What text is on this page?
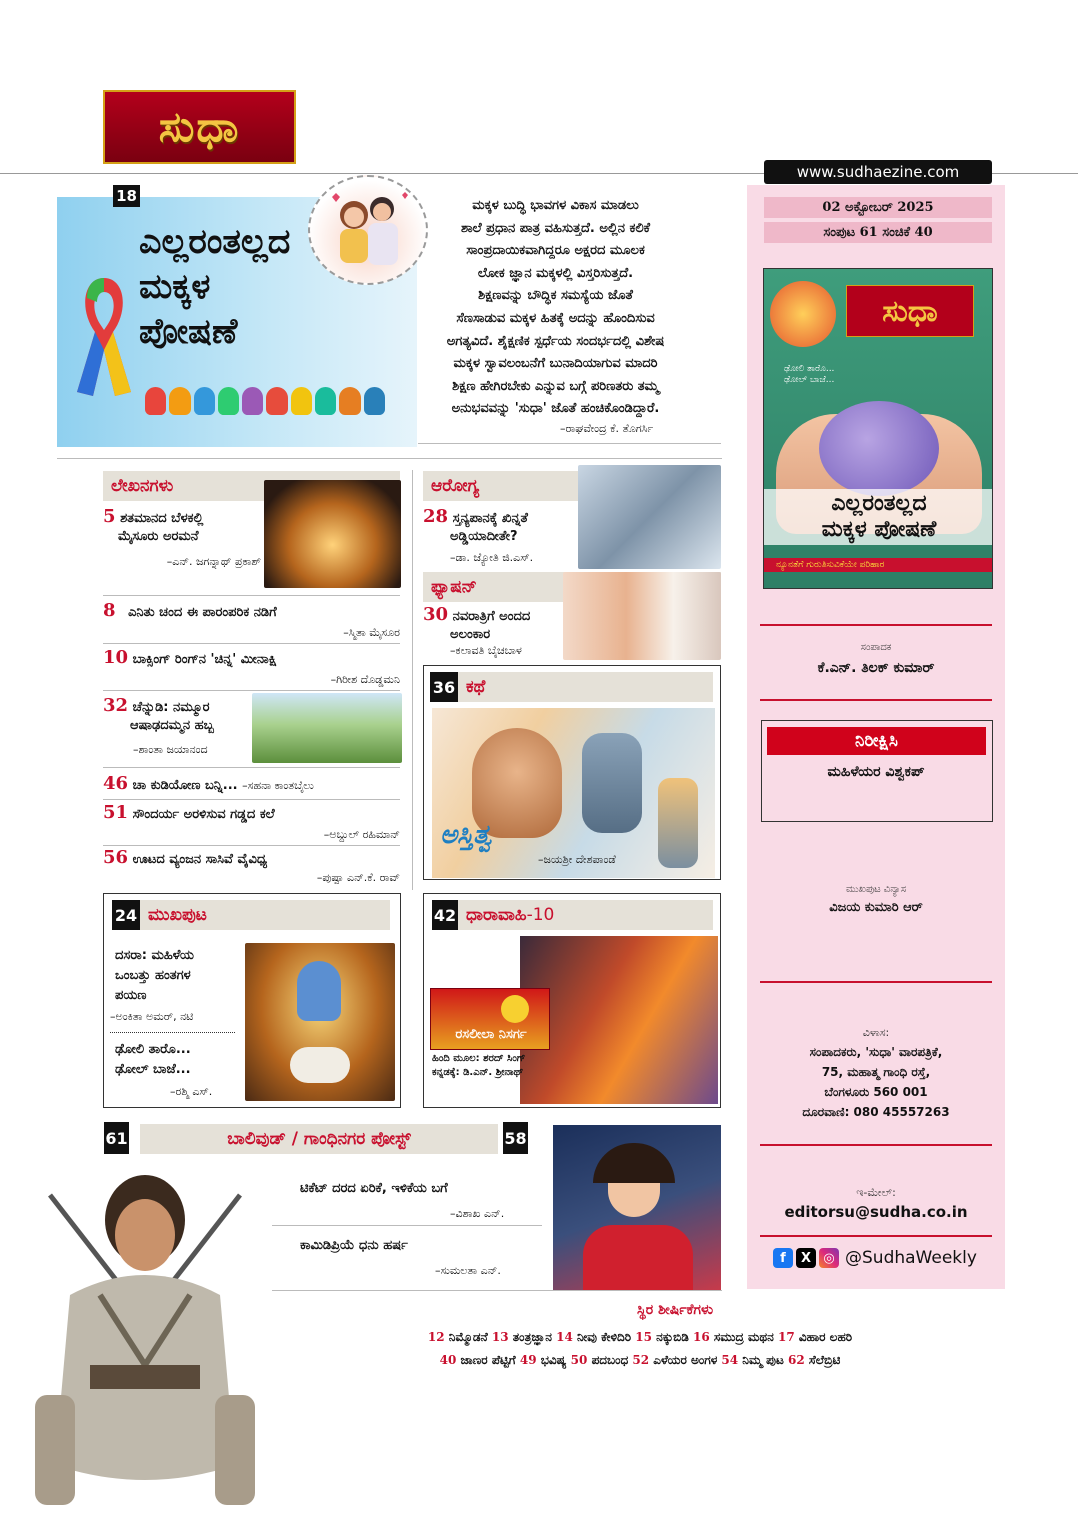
ಸುಧಾ
www.sudhaezine.com
02 ಅಕ್ಟೋಬರ್ 2025
ಸಂಪುಟ 61 ಸಂಚಿಕೆ 40
ಸುಧಾ
ಢೋಲಿ ತಾರೊ...
ಢೋಲ್ ಬಾಜೆ...
ಎಲ್ಲರಂತಲ್ಲದ
ಮಕ್ಕಳ ಪೋಷಣೆ
ನ್ಯೂನತೆಗೆ ಗುರುತಿಸುವಿಕೆಯೇ ಪರಿಹಾರ
ಸಂಪಾದಕ
ಕೆ.ಎನ್. ತಿಲಕ್ ಕುಮಾರ್
ನಿರೀಕ್ಷಿಸಿ
ಮಹಿಳೆಯರ ವಿಶ್ವಕಪ್
ಮುಖಪುಟ ವಿನ್ಯಾಸ
ವಿಜಯ ಕುಮಾರಿ ಆರ್
ವಿಳಾಸ:
ಸಂಪಾದಕರು, 'ಸುಧಾ' ವಾರಪತ್ರಿಕೆ,
75, ಮಹಾತ್ಮ ಗಾಂಧಿ ರಸ್ತೆ,
ಬೆಂಗಳೂರು 560 001
ದೂರವಾಣಿ: 080 45557263
ಇ-ಮೇಲ್:
editorsu@sudha.co.in
f	X ◎ @SudhaWeekly
18
ಎಲ್ಲರಂತಲ್ಲದ
ಮಕ್ಕಳ
ಪೋಷಣೆ
ಮಕ್ಕಳ ಬುದ್ಧಿ ಭಾವಗಳ ವಿಕಾಸ ಮಾಡಲು
ಶಾಲೆ ಪ್ರಧಾನ ಪಾತ್ರ ವಹಿಸುತ್ತದೆ. ಅಲ್ಲಿನ ಕಲಿಕೆ
ಸಾಂಪ್ರದಾಯಿಕವಾಗಿದ್ದರೂ ಅಕ್ಷರದ ಮೂಲಕ
ಲೋಕ ಜ್ಞಾನ ಮಕ್ಕಳಲ್ಲಿ ವಿಸ್ತರಿಸುತ್ತದೆ.
ಶಿಕ್ಷಣವನ್ನು ಬೌದ್ಧಿಕ ಸಮಸ್ಯೆಯ ಜೊತೆ
ಸೆಣಸಾಡುವ ಮಕ್ಕಳ ಹಿತಕ್ಕೆ ಅದನ್ನು ಹೊಂದಿಸುವ
ಅಗತ್ಯವಿದೆ. ಶೈಕ್ಷಣಿಕ ಸ್ಪರ್ಧೆಯ ಸಂದರ್ಭದಲ್ಲಿ ವಿಶೇಷ
ಮಕ್ಕಳ ಸ್ವಾವಲಂಬನೆಗೆ ಬುನಾದಿಯಾಗುವ ಮಾದರಿ
ಶಿಕ್ಷಣ ಹೇಗಿರಬೇಕು ಎನ್ನುವ ಬಗ್ಗೆ ಪರಿಣತರು ತಮ್ಮ
ಅನುಭವವನ್ನು 'ಸುಧಾ' ಜೊತೆ ಹಂಚಿಕೊಂಡಿದ್ದಾರೆ.
–ರಾಘವೇಂದ್ರ ಕೆ. ತೊಗರ್ಸಿ
ಲೇಖನಗಳು
5 ಶತಮಾನದ ಬೆಳಕಲ್ಲಿ
ಮೈಸೂರು ಅರಮನೆ
–ಎನ್. ಜಗನ್ನಾಥ್ ಪ್ರಕಾಶ್
8 ಎನಿತು ಚಂದ ಈ ಪಾರಂಪರಿಕ ನಡಿಗೆ
–ಸ್ಮಿತಾ ಮೈಸೂರ
10 ಬಾಕ್ಸಿಂಗ್ ರಿಂಗ್‌ನ 'ಚಿನ್ನ' ಮೀನಾಕ್ಷಿ
–ಗಿರೀಶ ದೊಡ್ಡಮನಿ
32 ಚೆನ್ನುಡಿ: ನಮ್ಮೂರ
ಆಷಾಢದಮ್ಮನ ಹಬ್ಬ
–ಶಾಂತಾ ಜಯಾನಂದ
46 ಚಾ ಕುಡಿಯೋಣ ಬನ್ನಿ... –ಸಹನಾ ಕಾಂತಬೈಲು
51 ಸೌಂದರ್ಯ ಅರಳಿಸುವ ಗಡ್ಡದ ಕಲೆ
–ಅಬ್ದುಲ್ ರಹಿಮಾನ್
56 ಊಟದ ವ್ಯಂಜನ ಸಾಸಿವೆ ವೈವಿಧ್ಯ
–ಪುಷ್ಪಾ ಎನ್.ಕೆ. ರಾವ್
ಆರೋಗ್ಯ
28 ಸ್ತನ್ಯಪಾನಕ್ಕೆ ಖಿನ್ನತೆ
ಅಡ್ಡಿಯಾದೀತೇ?
–ಡಾ. ಜ್ಯೋತಿ ಜಿ.ಎಸ್.
ಫ್ಯಾಷನ್
30 ನವರಾತ್ರಿಗೆ ಅಂದದ
ಅಲಂಕಾರ
–ಕಲಾವತಿ ಬೈಚಬಾಳ
36 ಕಥೆ
ಅಸ್ತಿತ್ವ
–ಜಯಶ್ರೀ ದೇಶಪಾಂಡೆ
24 ಮುಖಪುಟ
ದಸರಾ: ಮಹಿಳೆಯ
ಒಂಬತ್ತು ಹಂತಗಳ
ಪಯಣ
–ಅಂಕಿತಾ ಅಮರ್, ನಟಿ
ಢೋಲಿ ತಾರೊ...
ಢೋಲ್ ಬಾಜೆ...
–ರಶ್ಮಿ ಎಸ್.
42 ಧಾರಾವಾಹಿ -10
ರಸಲೀಲಾ ನಿಸರ್ಗ
ಹಿಂದಿ ಮೂಲ: ಶರದ್ ಸಿಂಗ್
ಕನ್ನಡಕ್ಕೆ: ಡಿ.ಎನ್. ಶ್ರೀನಾಥ್
61	ಬಾಲಿವುಡ್ / ಗಾಂಧಿನಗರ ಪೋಸ್ಟ್	58
ಟಿಕೆಟ್ ದರದ ಏರಿಕೆ, ಇಳಿಕೆಯ ಬಗೆ
–ವಿಶಾಖ ಎನ್.
ಕಾಮಿಡಿಪ್ರಿಯೆ ಧನು ಹರ್ಷ
–ಸುಮಲತಾ ಎನ್.
ಸ್ಥಿರ ಶೀರ್ಷಿಕೆಗಳು
12 ನಿಮ್ಮೊಡನೆ 13 ತಂತ್ರಜ್ಞಾನ 14 ನೀವು ಕೇಳಿದಿರಿ 15 ನಕ್ಕುಬಿಡಿ 16 ಸಮುದ್ರ ಮಥನ 17 ವಿಹಾರ ಲಹರಿ
40 ಜಾಣರ ಪೆಟ್ಟಿಗೆ 49 ಭವಿಷ್ಯ 50 ಪದಬಂಧ 52 ಎಳೆಯರ ಅಂಗಳ 54 ನಿಮ್ಮ ಪುಟ 62 ಸೆಲೆಬ್ರಿಟಿ
